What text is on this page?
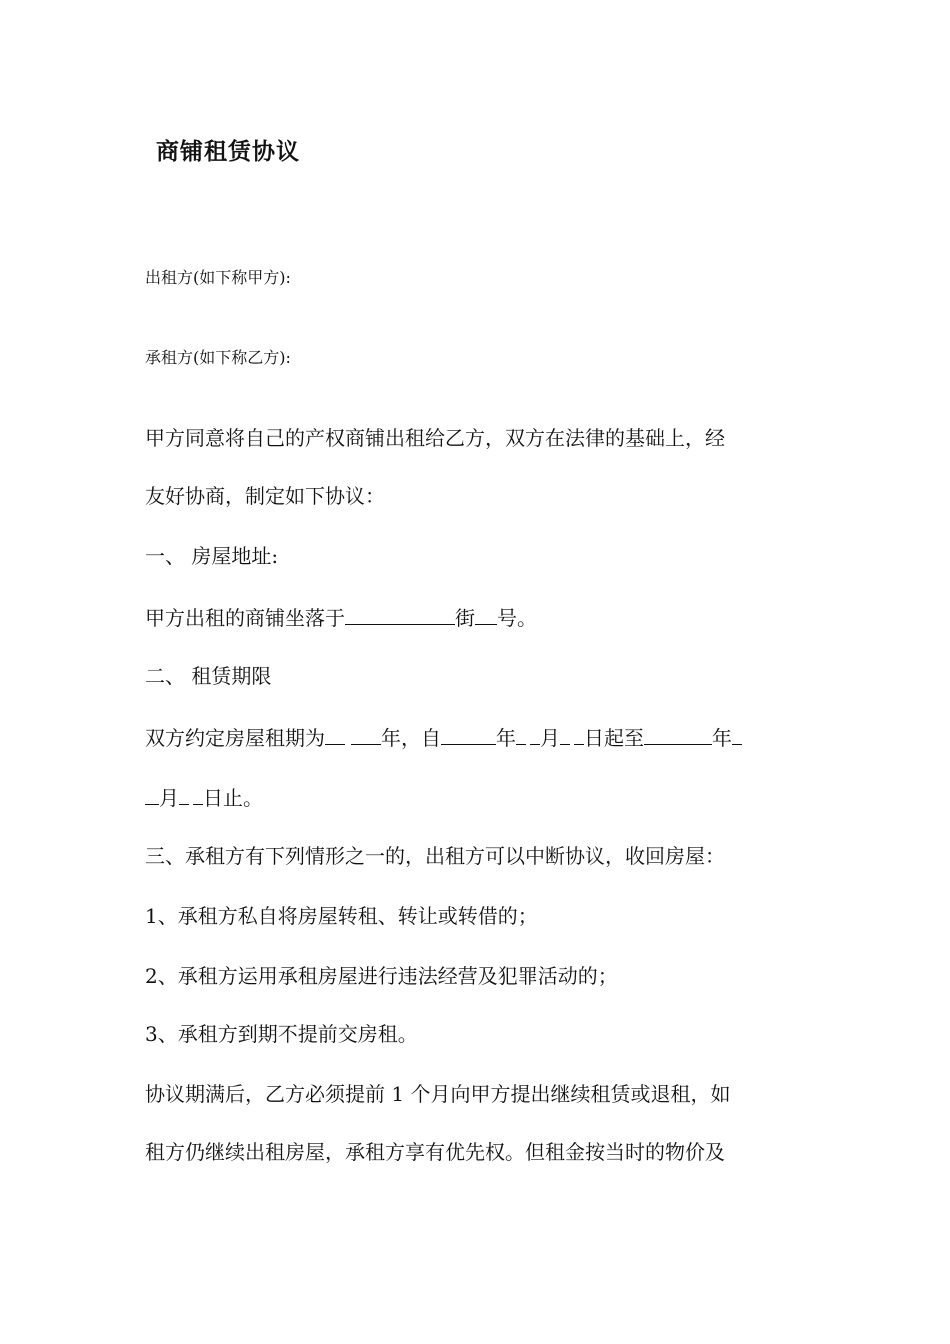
商铺租赁协议
出租方(如下称甲方):
承租方(如下称乙方):
甲方同意将自己的产权商铺出租给乙方，双方在法律的基础上，经
友好协商，制定如下协议：
一、 房屋地址:
甲方出租的商铺坐落于	街 号。
二、 租赁期限
双方约定房屋租期为	年，自	年 月 日起至	年
月 日止。
三、承租方有下列情形之一的，出租方可以中断协议，收回房屋：
1、承租方私自将房屋转租、转让或转借的；
2、承租方运用承租房屋进行违法经营及犯罪活动的；
3、承租方到期不提前交房租。
协议期满后，乙方必须提前 1 个月向甲方提出继续租赁或退租，如
租方仍继续出租房屋，承租方享有优先权。但租金按当时的物价及
